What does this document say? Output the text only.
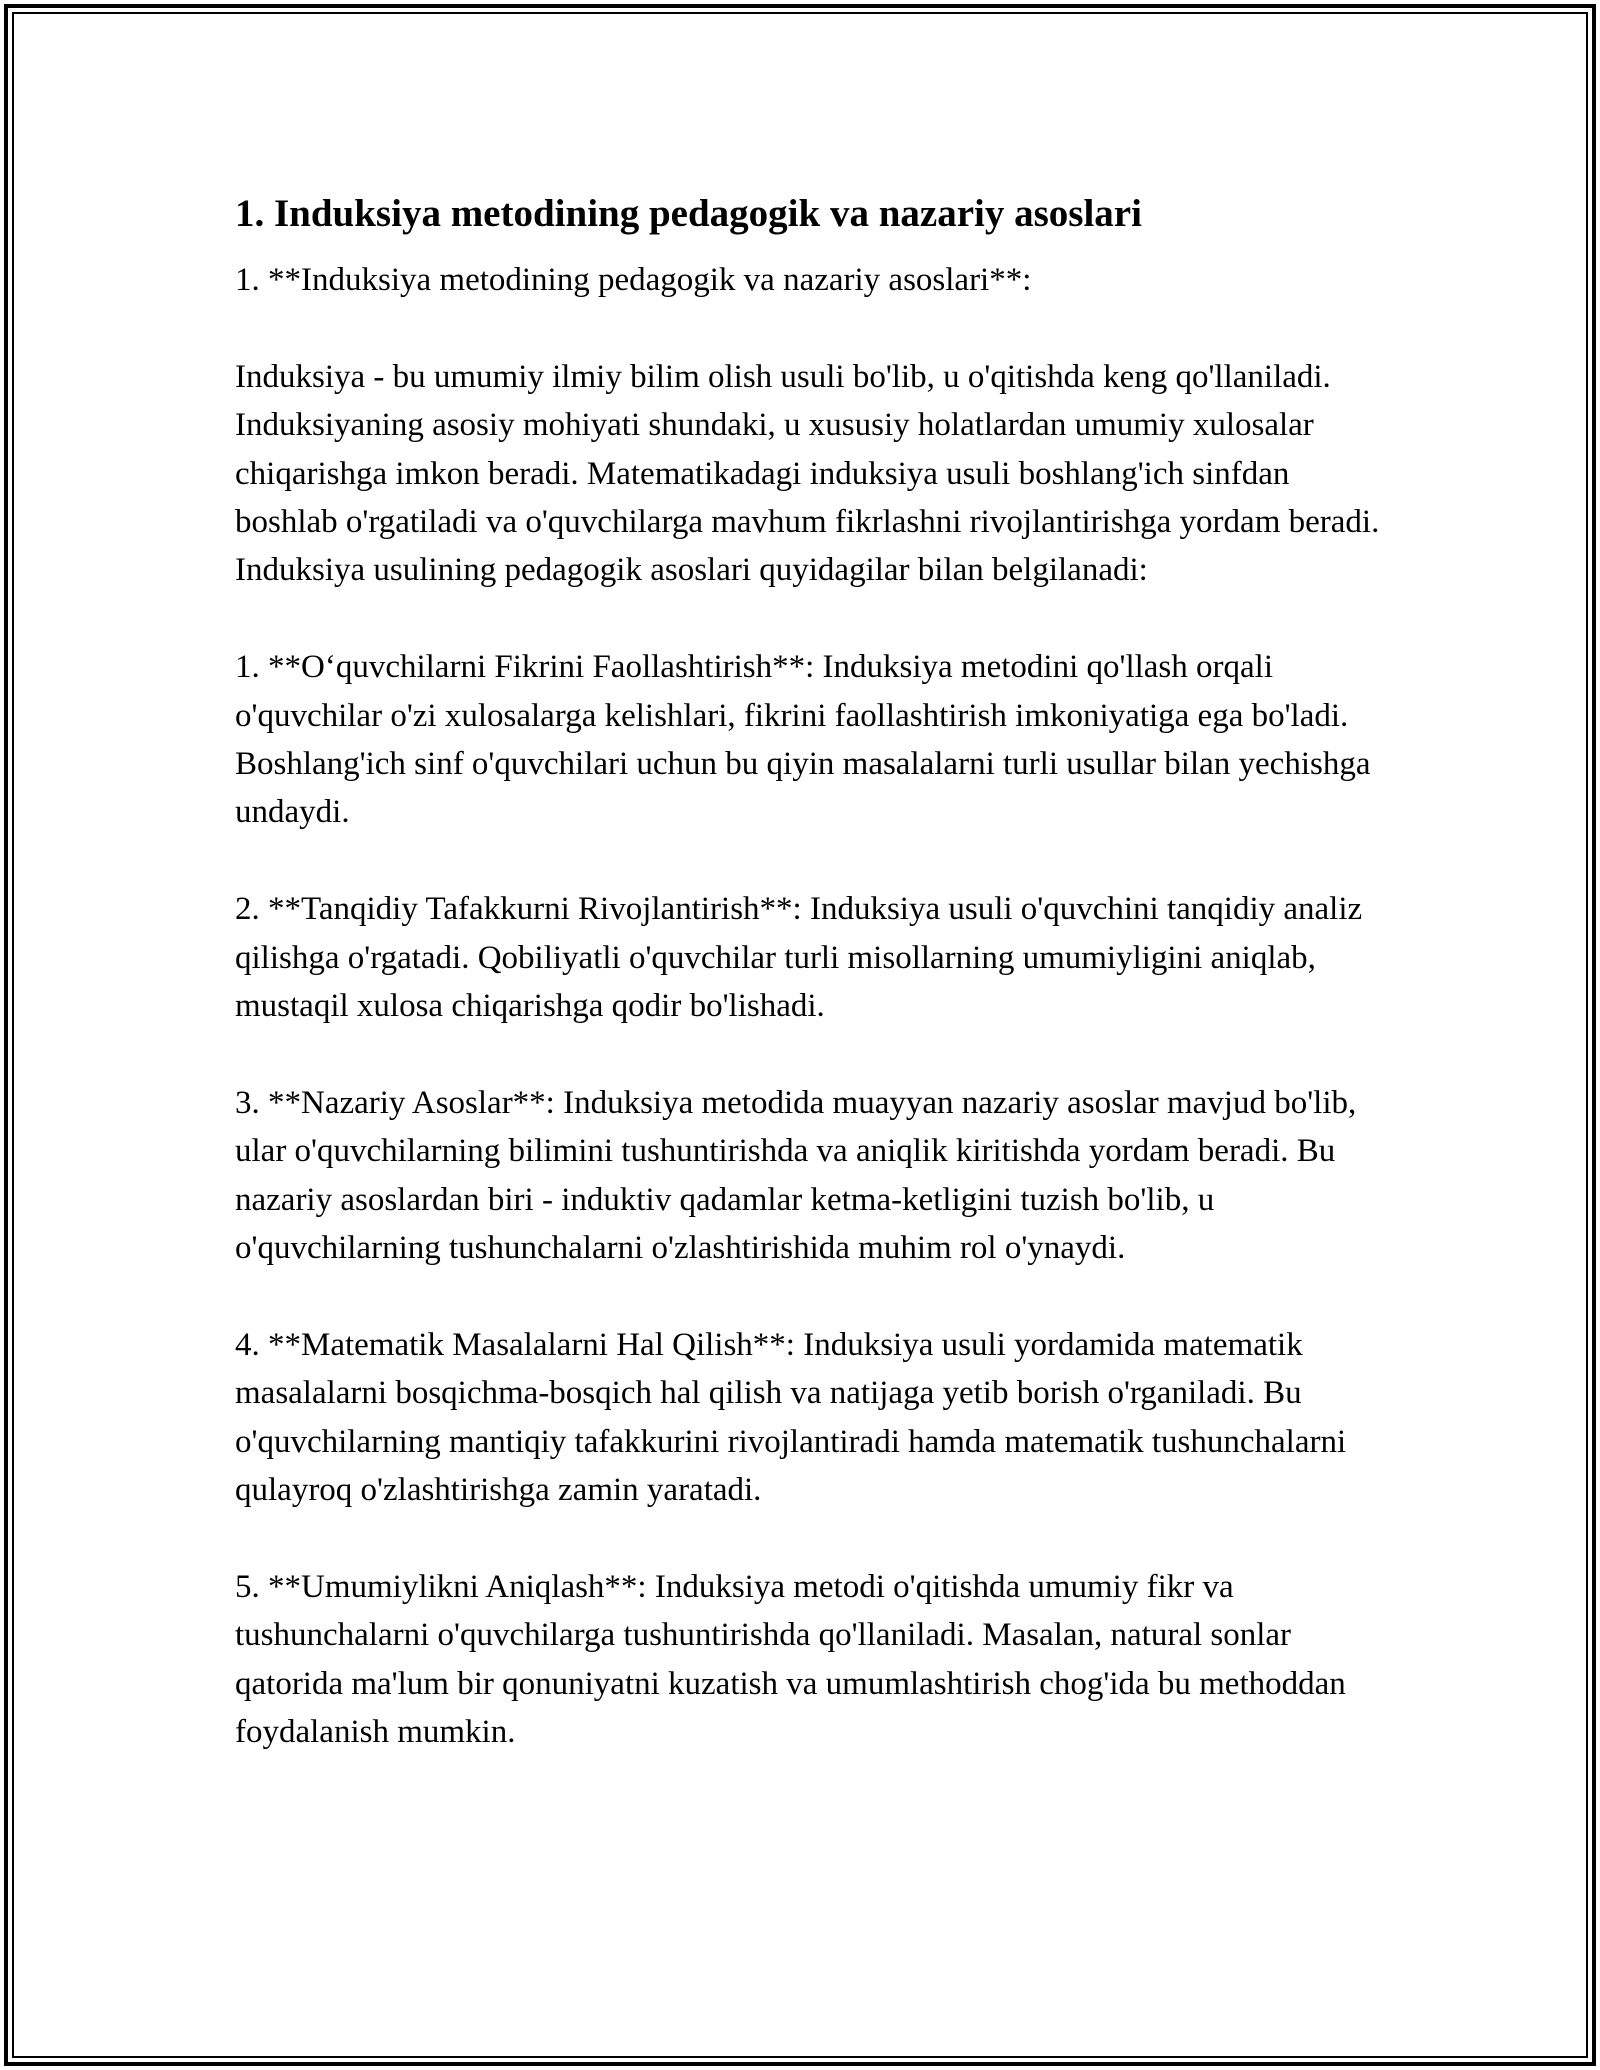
1. Induksiya metodining pedagogik va nazariy asoslari

1. **Induksiya metodining pedagogik va nazariy asoslari**:

Induksiya - bu umumiy ilmiy bilim olish usuli bo'lib, u o'qitishda keng qo'llaniladi. Induksiyaning asosiy mohiyati shundaki, u xususiy holatlardan umumiy xulosalar chiqarishga imkon beradi. Matematikadagi induksiya usuli boshlang'ich sinfdan boshlab o'rgatiladi va o'quvchilarga mavhum fikrlashni rivojlantirishga yordam beradi. Induksiya usulining pedagogik asoslari quyidagilar bilan belgilanadi:

1. **O‘quvchilarni Fikrini Faollashtirish**: Induksiya metodini qo'llash orqali o'quvchilar o'zi xulosalarga kelishlari, fikrini faollashtirish imkoniyatiga ega bo'ladi. Boshlang'ich sinf o'quvchilari uchun bu qiyin masalalarni turli usullar bilan yechishga undaydi.

2. **Tanqidiy Tafakkurni Rivojlantirish**: Induksiya usuli o'quvchini tanqidiy analiz qilishga o'rgatadi. Qobiliyatli o'quvchilar turli misollarning umumiyligini aniqlab, mustaqil xulosa chiqarishga qodir bo'lishadi.

3. **Nazariy Asoslar**: Induksiya metodida muayyan nazariy asoslar mavjud bo'lib, ular o'quvchilarning bilimini tushuntirishda va aniqlik kiritishda yordam beradi. Bu nazariy asoslardan biri - induktiv qadamlar ketma-ketligini tuzish bo'lib, u o'quvchilarning tushunchalarni o'zlashtirishida muhim rol o'ynaydi.

4. **Matematik Masalalarni Hal Qilish**: Induksiya usuli yordamida matematik masalalarni bosqichma-bosqich hal qilish va natijaga yetib borish o'rganiladi. Bu o'quvchilarning mantiqiy tafakkurini rivojlantiradi hamda matematik tushunchalarni qulayroq o'zlashtirishga zamin yaratadi.

5. **Umumiylikni Aniqlash**: Induksiya metodi o'qitishda umumiy fikr va tushunchalarni o'quvchilarga tushuntirishda qo'llaniladi. Masalan, natural sonlar qatorida ma'lum bir qonuniyatni kuzatish va umumlashtirish chog'ida bu methoddan foydalanish mumkin.
